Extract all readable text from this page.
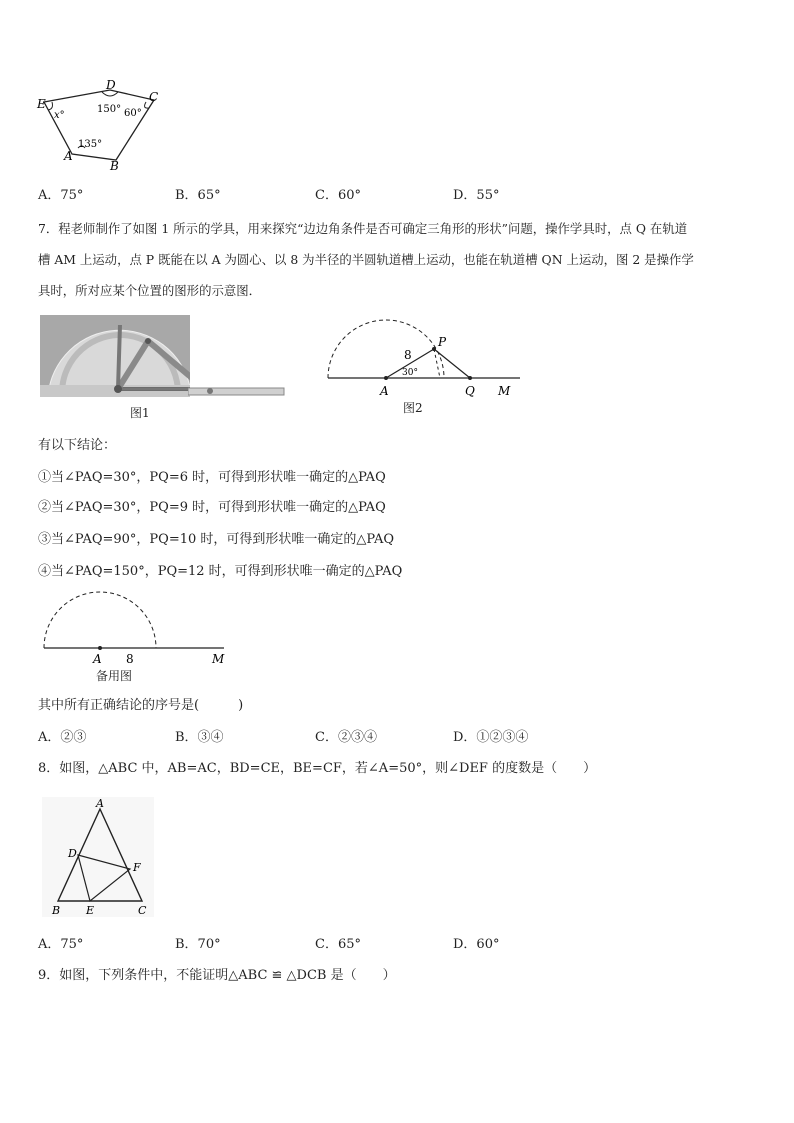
D
C
E
A
B
150° 60°
x°
135°
A．75°	B．65°	C．60°	D．55°
7．程老师制作了如图 1 所示的学具，用来探究“边边角条件是否可确定三角形的形状”问题，操作学具时，点 Q 在轨道
槽 AM 上运动，点 P 既能在以 A 为圆心、以 8 为半径的半圆轨道槽上运动，也能在轨道槽 QN 上运动，图 2 是操作学
具时，所对应某个位置的图形的示意图．
图1
P
A	Q M
8
30°
图2
有以下结论：
①当∠PAQ=30°，PQ=6 时，可得到形状唯一确定的△PAQ
②当∠PAQ=30°，PQ=9 时，可得到形状唯一确定的△PAQ
③当∠PAQ=90°，PQ=10 时，可得到形状唯一确定的△PAQ
④当∠PAQ=150°，PQ=12 时，可得到形状唯一确定的△PAQ
A 8	M
备用图
其中所有正确结论的序号是(　　　)
A．②③	B．③④	C．②③④	D．①②③④
8．如图，△ABC 中，AB=AC，BD=CE，BE=CF，若∠A=50°，则∠DEF 的度数是（　　）
A
B	C
D
E
F
A．75°	B．70°	C．65°	D．60°
9．如图，下列条件中，不能证明△ABC ≌ △DCB 是（　　）
